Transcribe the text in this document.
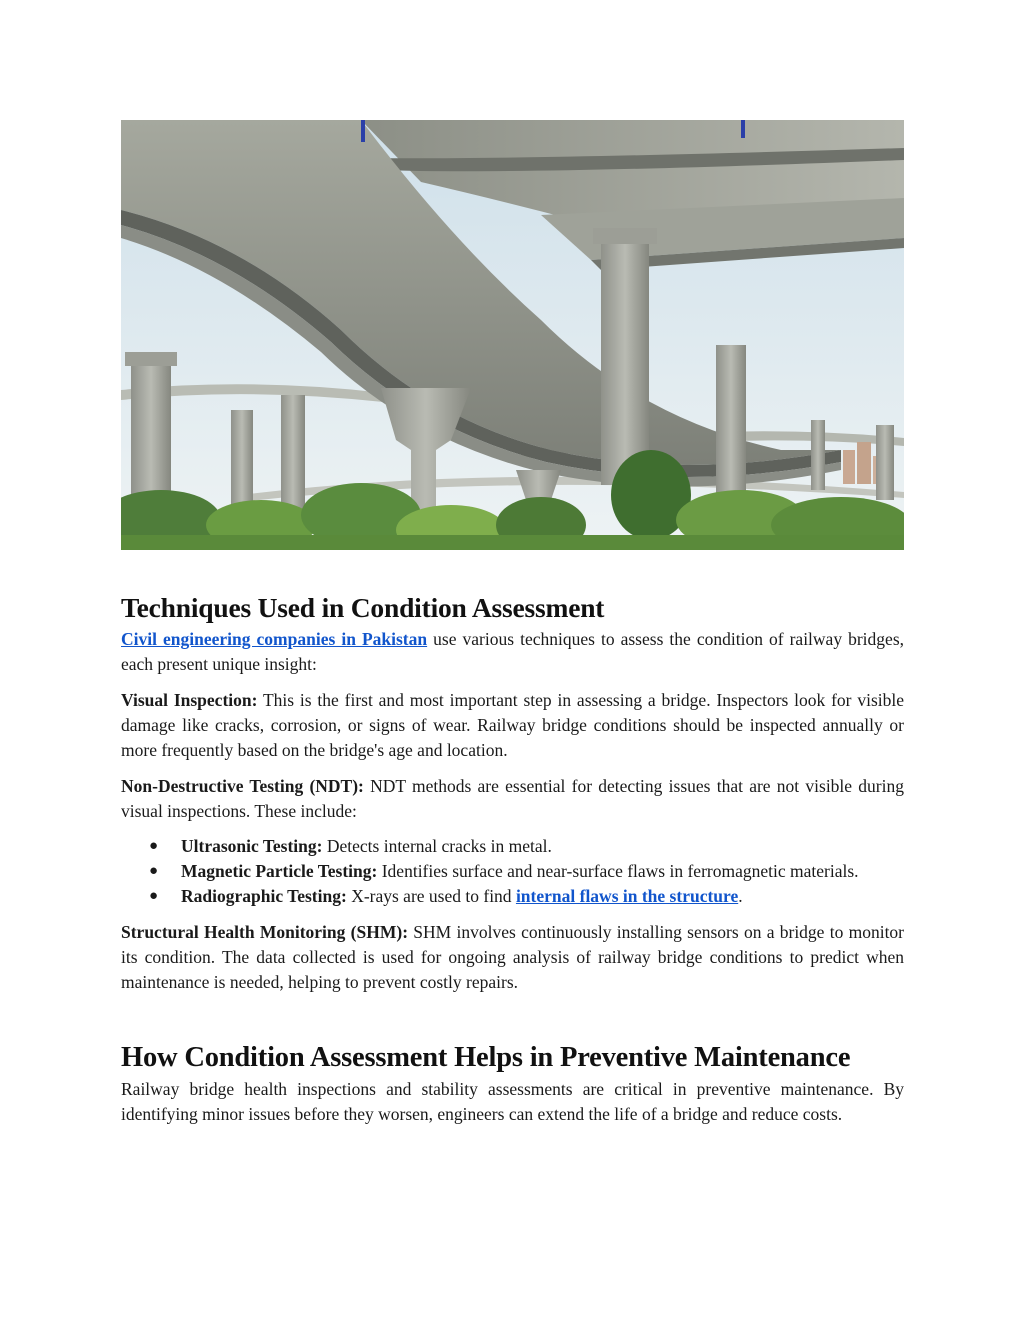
Techniques Used in Condition Assessment

Civil engineering companies in Pakistan use various techniques to assess the condition of railway bridges, each present unique insight:

Visual Inspection: This is the first and most important step in assessing a bridge. Inspectors look for visible damage like cracks, corrosion, or signs of wear. Railway bridge conditions should be inspected annually or more frequently based on the bridge's age and location.

Non-Destructive Testing (NDT): NDT methods are essential for detecting issues that are not visible during visual inspections. These include:

● Ultrasonic Testing: Detects internal cracks in metal.
● Magnetic Particle Testing: Identifies surface and near-surface flaws in ferromagnetic materials.
● Radiographic Testing: X-rays are used to find internal flaws in the structure.

Structural Health Monitoring (SHM): SHM involves continuously installing sensors on a bridge to monitor its condition. The data collected is used for ongoing analysis of railway bridge conditions to predict when maintenance is needed, helping to prevent costly repairs.

How Condition Assessment Helps in Preventive Maintenance

Railway bridge health inspections and stability assessments are critical in preventive maintenance. By identifying minor issues before they worsen, engineers can extend the life of a bridge and reduce costs.
